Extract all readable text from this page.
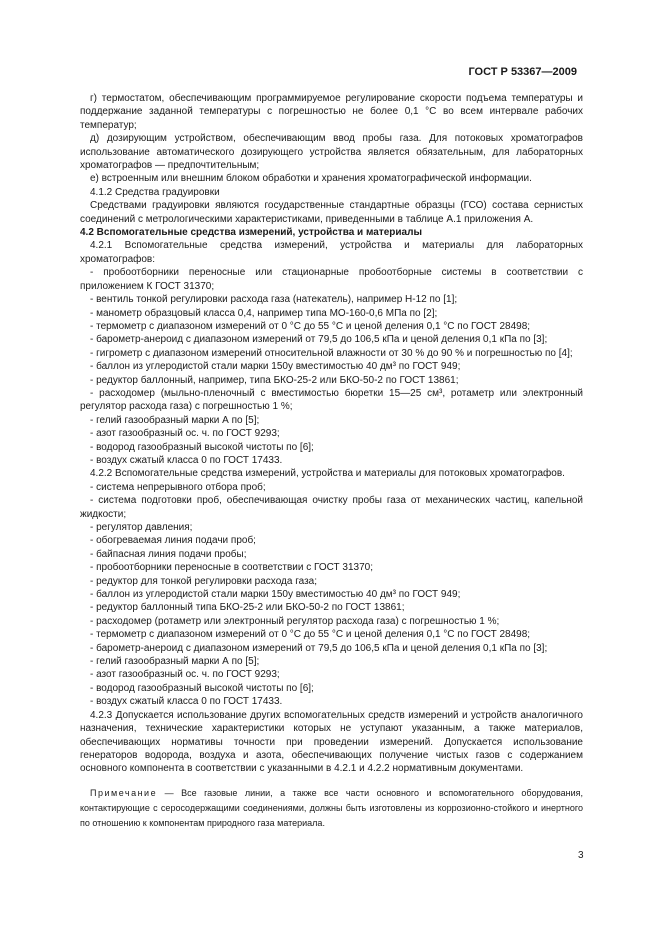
ГОСТ Р 53367—2009

г) термостатом, обеспечивающим программируемое регулирование скорости подъема температуры и поддержание заданной температуры с погрешностью не более 0,1 °С во всем интервале рабочих температур;

д) дозирующим устройством, обеспечивающим ввод пробы газа. Для потоковых хроматографов использование автоматического дозирующего устройства является обязательным, для лабораторных хроматографов — предпочтительным;

е) встроенным или внешним блоком обработки и хранения хроматографической информации.

4.1.2 Средства градуировки

Средствами градуировки являются государственные стандартные образцы (ГСО) состава сернистых соединений с метрологическими характеристиками, приведенными в таблице А.1 приложения А.

4.2 Вспомогательные средства измерений, устройства и материалы

4.2.1 Вспомогательные средства измерений, устройства и материалы для лабораторных хроматографов:

- пробоотборники переносные или стационарные пробоотборные системы в соответствии с приложением К ГОСТ 31370;

- вентиль тонкой регулировки расхода газа (натекатель), например Н-12 по [1];

- манометр образцовый класса 0,4, например типа МО-160-0,6 МПа по [2];

- термометр с диапазоном измерений от 0 °С до 55 °С и ценой деления 0,1 °С по ГОСТ 28498;

- барометр-анероид с диапазоном измерений от 79,5 до 106,5 кПа и ценой деления 0,1 кПа по [3];

- гигрометр с диапазоном измерений относительной влажности от 30 % до 90 % и погрешностью по [4];

- баллон из углеродистой стали марки 150у вместимостью 40 дм³ по ГОСТ 949;

- редуктор баллонный, например, типа БКО-25-2 или БКО-50-2 по ГОСТ 13861;

- расходомер (мыльно-пленочный с вместимостью бюретки 15—25 см³, ротаметр или электронный регулятор расхода газа) с погрешностью 1 %;

- гелий газообразный марки А по [5];

- азот газообразный ос. ч. по ГОСТ 9293;

- водород газообразный высокой чистоты по [6];

- воздух сжатый класса 0 по ГОСТ 17433.

4.2.2 Вспомогательные средства измерений, устройства и материалы для потоковых хроматографов.

- система непрерывного отбора проб;

- система подготовки проб, обеспечивающая очистку пробы газа от механических частиц, капельной жидкости;

- регулятор давления;

- обогреваемая линия подачи проб;

- байпасная линия подачи пробы;

- пробоотборники переносные в соответствии с ГОСТ 31370;

- редуктор для тонкой регулировки расхода газа;

- баллон из углеродистой стали марки 150у вместимостью 40 дм³ по ГОСТ 949;

- редуктор баллонный типа БКО-25-2 или БКО-50-2 по ГОСТ 13861;

- расходомер (ротаметр или электронный регулятор расхода газа) с погрешностью 1 %;

- термометр с диапазоном измерений от 0 °С до 55 °С и ценой деления 0,1 °С по ГОСТ 28498;

- барометр-анероид с диапазоном измерений от 79,5 до 106,5 кПа и ценой деления 0,1 кПа по [3];

- гелий газообразный марки А по [5];

- азот газообразный ос. ч. по ГОСТ 9293;

- водород газообразный высокой чистоты по [6];

- воздух сжатый класса 0 по ГОСТ 17433.

4.2.3 Допускается использование других вспомогательных средств измерений и устройств аналогичного назначения, технические характеристики которых не уступают указанным, а также материалов, обеспечивающих нормативы точности при проведении измерений. Допускается использование генераторов водорода, воздуха и азота, обеспечивающих получение чистых газов с содержанием основного компонента в соответствии с указанными в 4.2.1 и 4.2.2 нормативным документами.

Примечание — Все газовые линии, а также все части основного и вспомогательного оборудования, контактирующие с серосодержащими соединениями, должны быть изготовлены из коррозионно-стойкого и инертного по отношению к компонентам природного газа материала.

3
